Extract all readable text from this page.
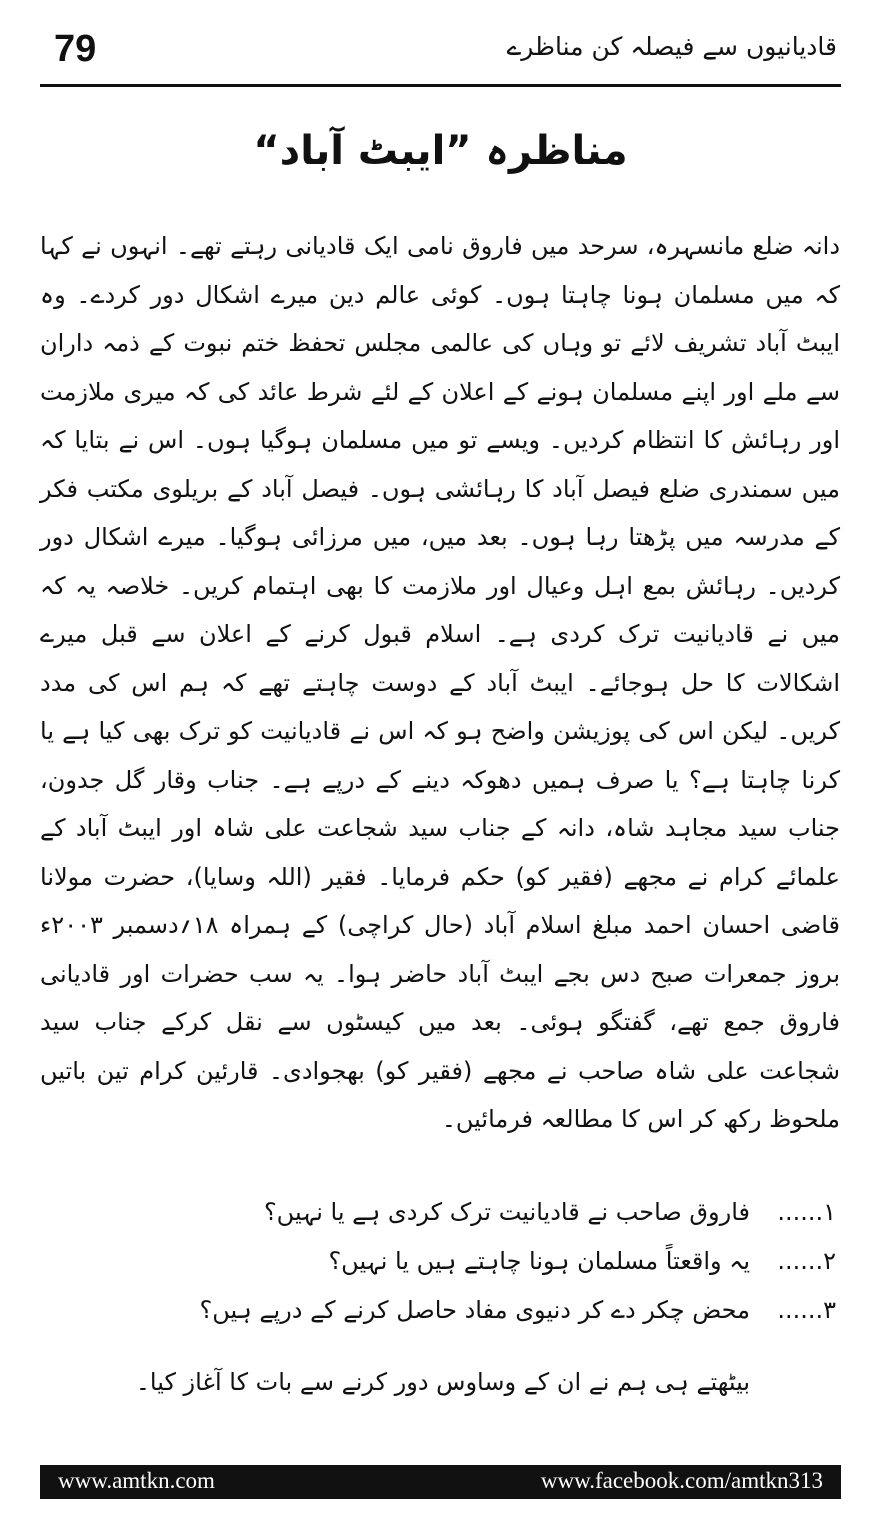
79	قادیانیوں سے فیصلہ کن مناظرے
مناظرہ ”ایبٹ آباد“
دانہ ضلع مانسہرہ، سرحد میں فاروق نامی ایک قادیانی رہتے تھے۔ انہوں نے کہا کہ میں مسلمان ہونا چاہتا ہوں۔ کوئی عالم دین میرے اشکال دور کردے۔ وہ ایبٹ آباد تشریف لائے تو وہاں کی عالمی مجلس تحفظ ختم نبوت کے ذمہ داران سے ملے اور اپنے مسلمان ہونے کے اعلان کے لئے شرط عائد کی کہ میری ملازمت اور رہائش کا انتظام کردیں۔ ویسے تو میں مسلمان ہوگیا ہوں۔ اس نے بتایا کہ میں سمندری ضلع فیصل آباد کا رہائشی ہوں۔ فیصل آباد کے بریلوی مکتب فکر کے مدرسہ میں پڑھتا رہا ہوں۔ بعد میں، میں مرزائی ہوگیا۔ میرے اشکال دور کردیں۔ رہائش بمع اہل وعیال اور ملازمت کا بھی اہتمام کریں۔ خلاصہ یہ کہ میں نے قادیانیت ترک کردی ہے۔ اسلام قبول کرنے کے اعلان سے قبل میرے اشکالات کا حل ہوجائے۔ ایبٹ آباد کے دوست چاہتے تھے کہ ہم اس کی مدد کریں۔ لیکن اس کی پوزیشن واضح ہو کہ اس نے قادیانیت کو ترک بھی کیا ہے یا کرنا چاہتا ہے؟ یا صرف ہمیں دھوکہ دینے کے درپے ہے۔ جناب وقار گل جدون، جناب سید مجاہد شاہ، دانہ کے جناب سید شجاعت علی شاہ اور ایبٹ آباد کے علمائے کرام نے مجھے (فقیر کو) حکم فرمایا۔ فقیر (اللہ وسایا)، حضرت مولانا قاضی احسان احمد مبلغ اسلام آباد (حال کراچی) کے ہمراہ ۱۸؍دسمبر ۲۰۰۳ء بروز جمعرات صبح دس بجے ایبٹ آباد حاضر ہوا۔ یہ سب حضرات اور قادیانی فاروق جمع تھے، گفتگو ہوئی۔ بعد میں کیسٹوں سے نقل کرکے جناب سید شجاعت علی شاہ صاحب نے مجھے (فقیر کو) بھجوادی۔ قارئین کرام تین باتیں ملحوظ رکھ کر اس کا مطالعہ فرمائیں۔
۱......
فاروق صاحب نے قادیانیت ترک کردی ہے یا نہیں؟
۲......
یہ واقعتاً مسلمان ہونا چاہتے ہیں یا نہیں؟
۳......
محض چکر دے کر دنیوی مفاد حاصل کرنے کے درپے ہیں؟
بیٹھتے ہی ہم نے ان کے وساوس دور کرنے سے بات کا آغاز کیا۔
www.amtkn.com	www.facebook.com/amtkn313
